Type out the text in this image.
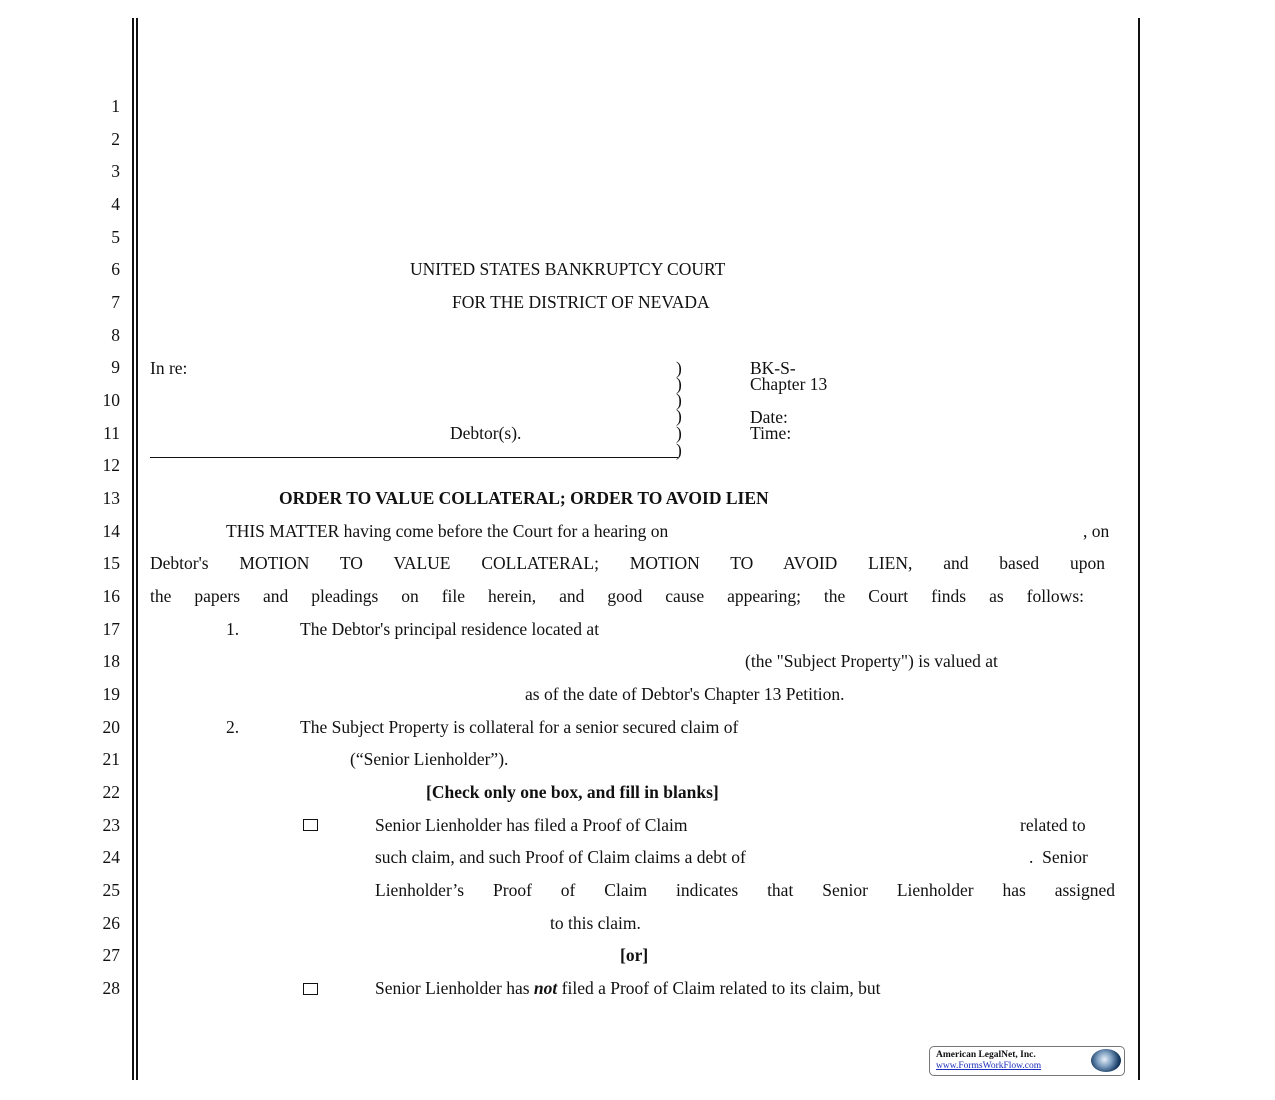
1
2
3
4
5
6
7
8
9
10
11
12
13
14
15
16
17
18
19
20
21
22
23
24
25
26
27
28
UNITED STATES BANKRUPTCY COURT
FOR THE DISTRICT OF NEVADA
In re:
Debtor(s).
)
)
)
)
)
)
BK-S-
Chapter 13
Date:
Time:
ORDER TO VALUE COLLATERAL; ORDER TO AVOID LIEN
THIS MATTER having come before the Court for a hearing on	, on
Debtor's MOTION TO VALUE COLLATERAL; MOTION TO AVOID LIEN, and based upon
the papers and pleadings on file herein, and good cause appearing; the Court finds as follows:
1.	The Debtor's principal residence located at
(the "Subject Property") is valued at
as of the date of Debtor's Chapter 13 Petition.
2.	The Subject Property is collateral for a senior secured claim of
(“Senior Lienholder”).
[Check only one box, and fill in blanks]
Senior Lienholder has filed a Proof of Claim	related to
such claim, and such Proof of Claim claims a debt of	.  Senior
Lienholder’s Proof of Claim indicates that Senior Lienholder has assigned
to this claim.
[or]
Senior Lienholder has not filed a Proof of Claim related to its claim, but
American LegalNet, Inc.
www.FormsWorkFlow.com
